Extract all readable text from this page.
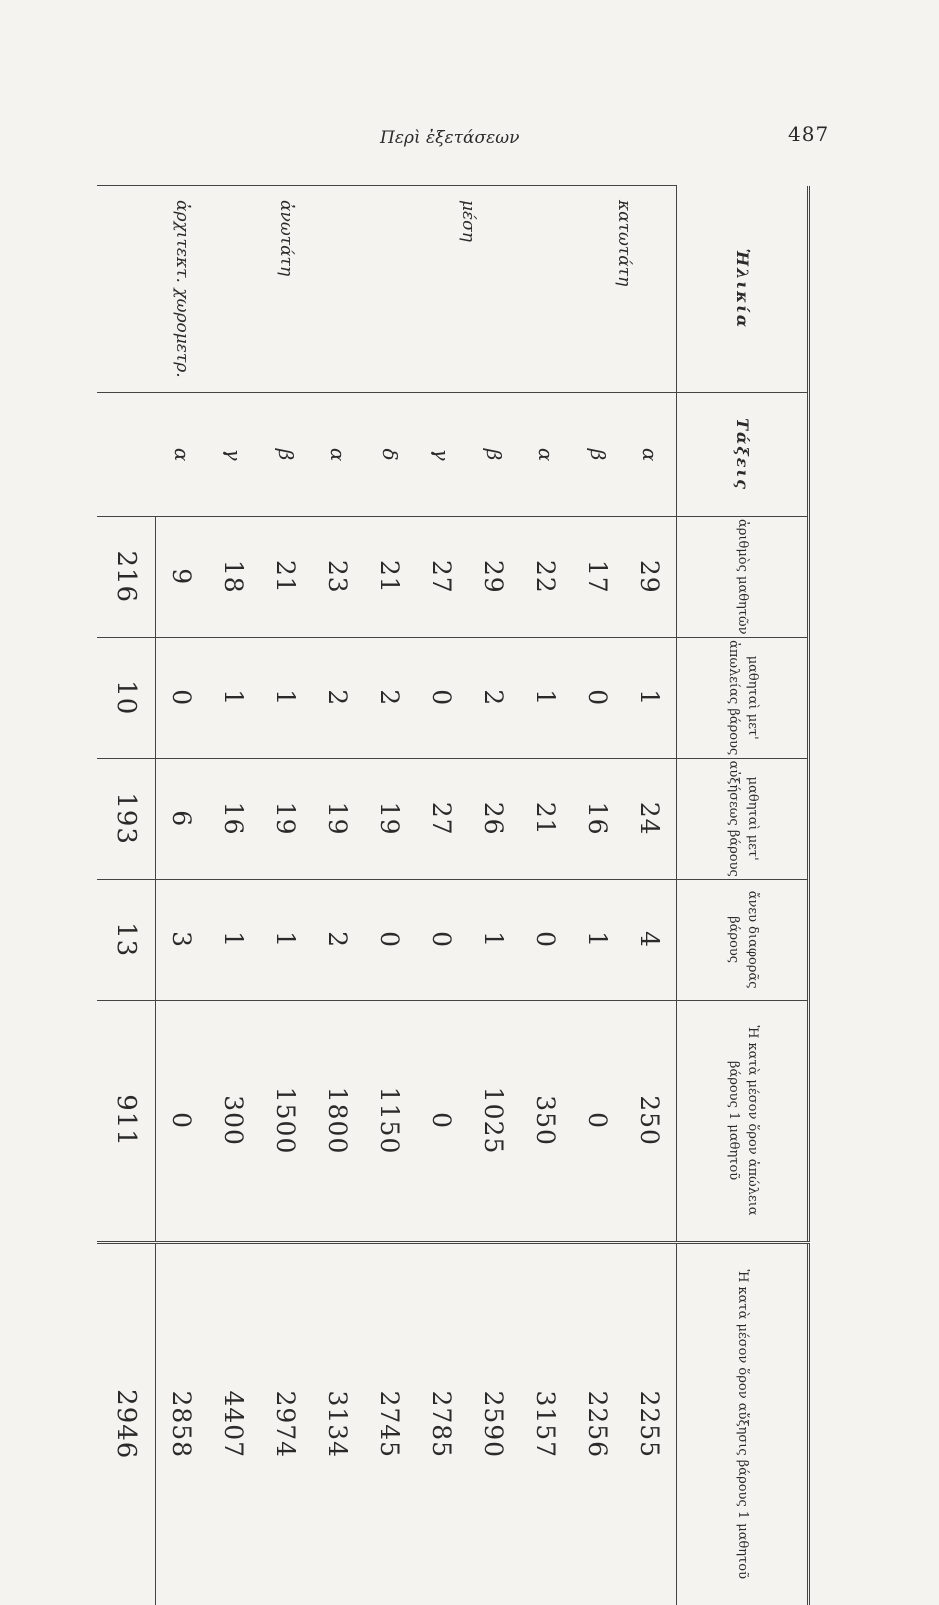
487
Περὶ ἐξετάσεων
Ἡλικία	Τάξεις	ἀριθμὸς μαθητῶν	μαθηταὶ μετ' ἀπωλείας βάρους	μαθηταὶ μετ' αὐξήσεως βάρους	ἄνευ διαφορᾶς βάρους	Ἡ κατὰ μέσον ὅρον ἀπώλεια βάρους 1 μαθητοῦ	Ἡ κατὰ μέσον ὅρον αὔξησις βάρους 1 μαθητοῦ
κατωτάτη	α	29	1	24	4	250	2255
	β	17	0	16	1	0	2256
μέση	α	22	1	21	0	350	3157
	β	29	2	26	1	1025	2590
	γ	27	0	27	0	0	2785
	δ	21	2	19	0	1150	2745
ἀνωτάτη	α	23	2	19	2	1800	3134
	β	21	1	19	1	1500	2974
	γ	18	1	16	1	300	4407
ἀρχιτεκτ. χωρομετρ.	α	9	0	6	3	0	2858
		216	10	193	13	911	2946
